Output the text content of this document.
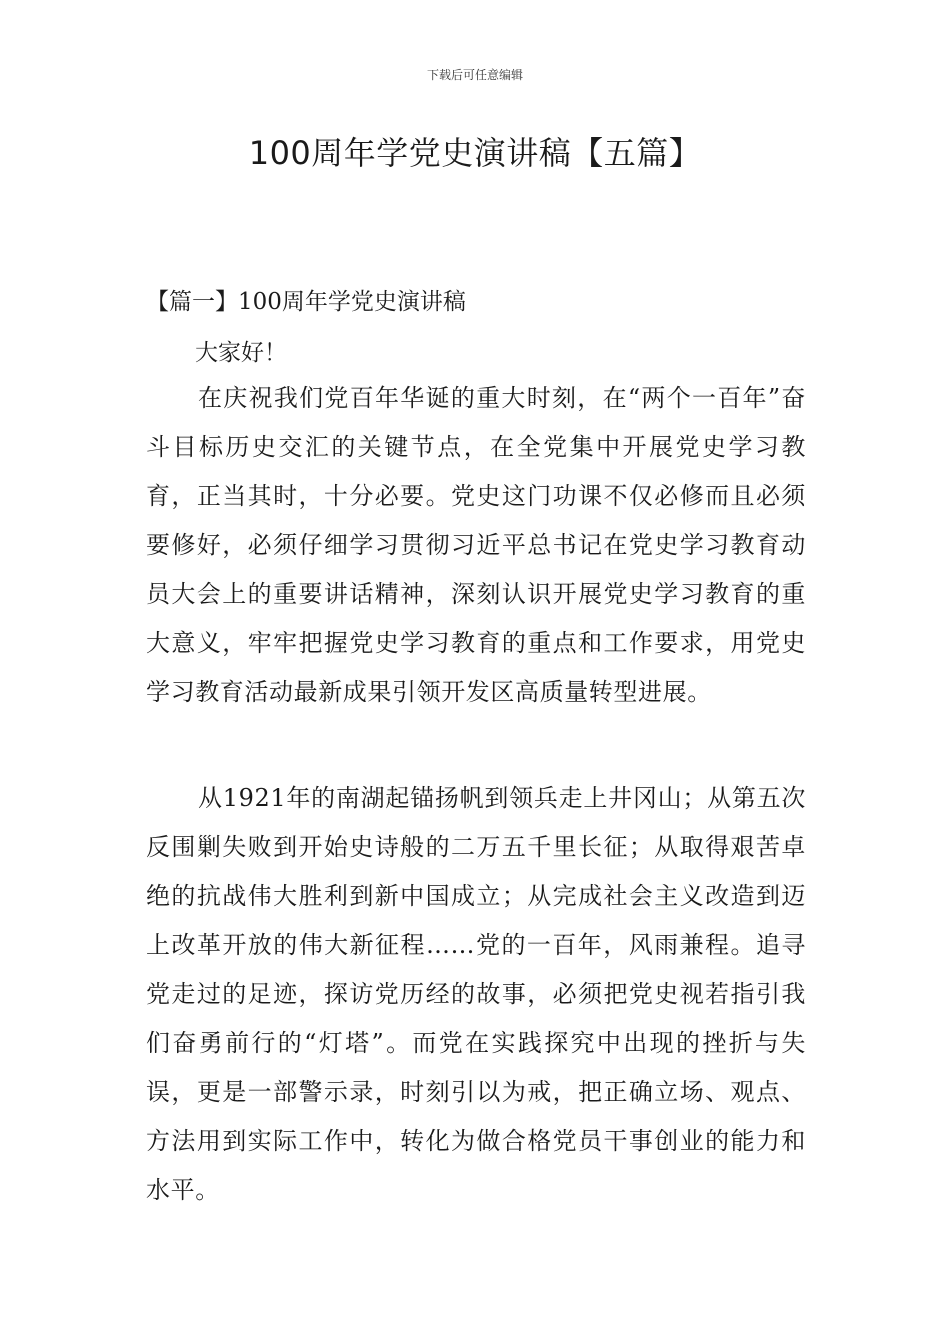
下载后可任意编辑
100周年学党史演讲稿【五篇】
【篇一】100周年学党史演讲稿

大家好！

在庆祝我们党百年华诞的重大时刻，在“两个一百年”奋斗目标历史交汇的关键节点，在全党集中开展党史学习教育，正当其时，十分必要。党史这门功课不仅必修而且必须要修好，必须仔细学习贯彻习近平总书记在党史学习教育动员大会上的重要讲话精神，深刻认识开展党史学习教育的重大意义，牢牢把握党史学习教育的重点和工作要求，用党史学习教育活动最新成果引领开发区高质量转型进展。

从1921年的南湖起锚扬帆到领兵走上井冈山；从第五次反围剿失败到开始史诗般的二万五千里长征；从取得艰苦卓绝的抗战伟大胜利到新中国成立；从完成社会主义改造到迈上改革开放的伟大新征程……党的一百年，风雨兼程。追寻党走过的足迹，探访党历经的故事，必须把党史视若指引我们奋勇前行的“灯塔”。而党在实践探究中出现的挫折与失误，更是一部警示录，时刻引以为戒，把正确立场、观点、方法用到实际工作中，转化为做合格党员干事创业的能力和水平。
